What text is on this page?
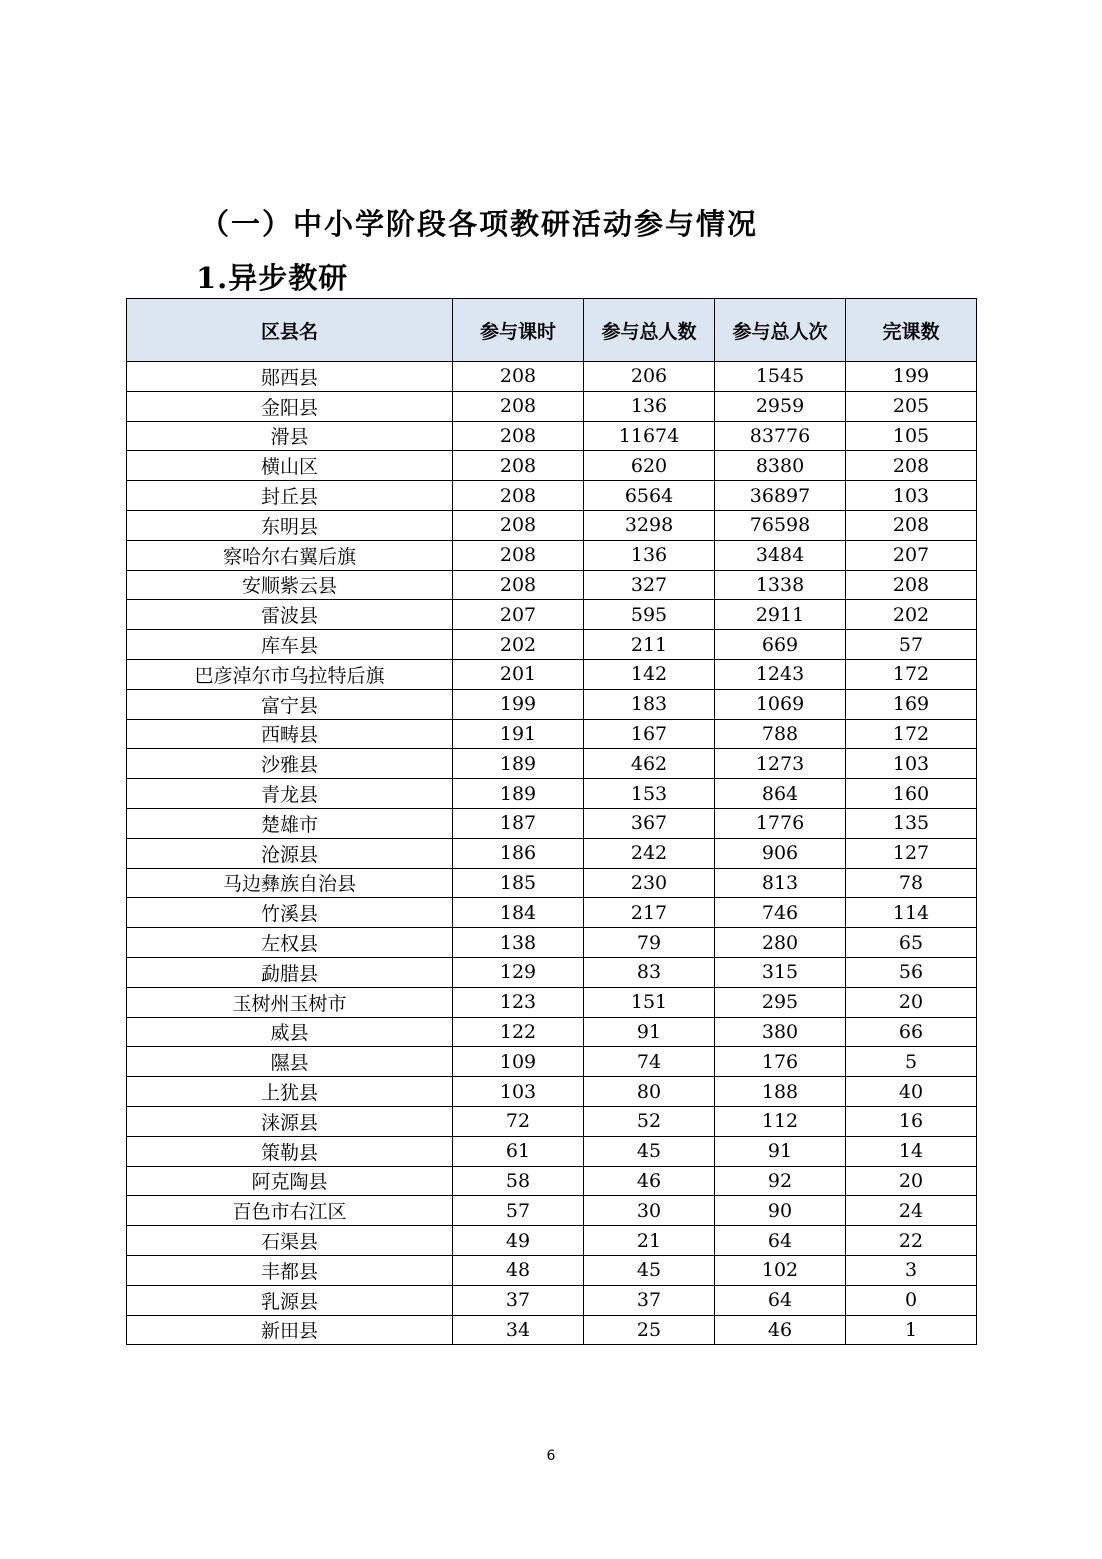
（一）中小学阶段各项教研活动参与情况
1.异步教研
区县名	参与课时	参与总人数	参与总人次	完课数
郧西县	208	206	1545	199
金阳县	208	136	2959	205
滑县	208	11674	83776	105
横山区	208	620	8380	208
封丘县	208	6564	36897	103
东明县	208	3298	76598	208
察哈尔右翼后旗	208	136	3484	207
安顺紫云县	208	327	1338	208
雷波县	207	595	2911	202
库车县	202	211	669	57
巴彦淖尔市乌拉特后旗	201	142	1243	172
富宁县	199	183	1069	169
西畴县	191	167	788	172
沙雅县	189	462	1273	103
青龙县	189	153	864	160
楚雄市	187	367	1776	135
沧源县	186	242	906	127
马边彝族自治县	185	230	813	78
竹溪县	184	217	746	114
左权县	138	79	280	65
勐腊县	129	83	315	56
玉树州玉树市	123	151	295	20
威县	122	91	380	66
隰县	109	74	176	5
上犹县	103	80	188	40
涞源县	72	52	112	16
策勒县	61	45	91	14
阿克陶县	58	46	92	20
百色市右江区	57	30	90	24
石渠县	49	21	64	22
丰都县	48	45	102	3
乳源县	37	37	64	0
新田县	34	25	46	1
6
